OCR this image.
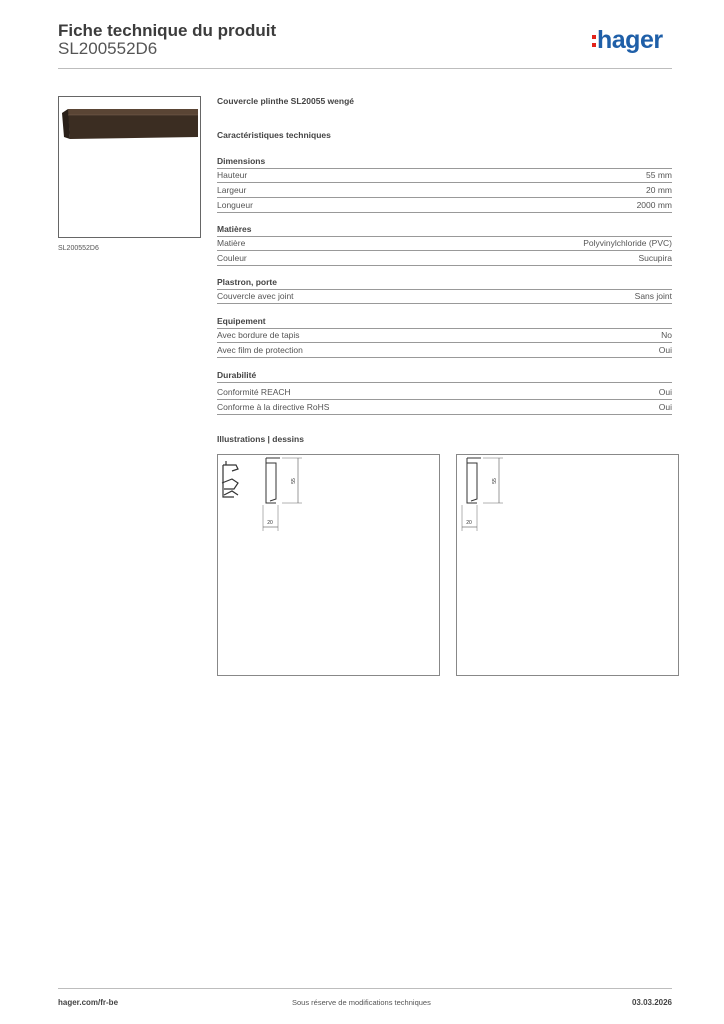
Fiche technique du produit
SL200552D6	hager
SL200552D6
Couvercle plinthe SL20055 wengé
Caractéristiques techniques
Dimensions
Hauteur	55 mm
Largeur	20 mm
Longueur	2000 mm
Matières
Matière	Polyvinylchloride (PVC)
Couleur	Sucupira
Plastron, porte
Couvercle avec joint	Sans joint
Equipement
Avec bordure de tapis	No
Avec film de protection	Oui
Durabilité
Conformité REACH	Oui
Conforme à la directive RoHS	Oui
Illustrations | dessins
55
20
55
20
hager.com/fr-be	Sous réserve de modifications techniques	03.03.2026
